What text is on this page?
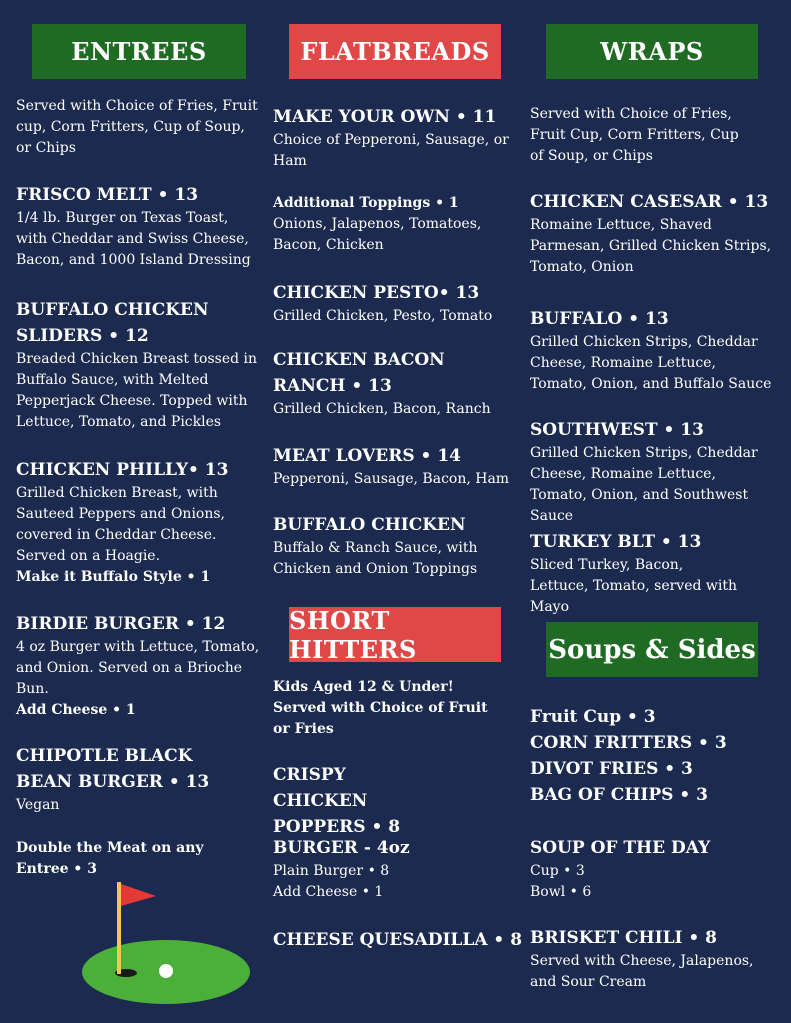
ENTREES
Served with Choice of Fries, Fruit cup, Corn Fritters, Cup of Soup, or Chips
FRISCO MELT • 13
1/4 lb. Burger on Texas Toast, with Cheddar and Swiss Cheese, Bacon, and 1000 Island Dressing
BUFFALO CHICKEN SLIDERS • 12
Breaded Chicken Breast tossed in Buffalo Sauce, with Melted Pepperjack Cheese. Topped with Lettuce, Tomato, and Pickles
CHICKEN PHILLY• 13
Grilled Chicken Breast, with Sauteed Peppers and Onions, covered in Cheddar Cheese. Served on a Hoagie.
Make it Buffalo Style • 1
BIRDIE BURGER • 12
4 oz Burger with Lettuce, Tomato, and Onion. Served on a Brioche Bun.
Add Cheese • 1
CHIPOTLE BLACK BEAN BURGER • 13
Vegan
Double the Meat on any Entree • 3
FLATBREADS
MAKE YOUR OWN • 11
Choice of Pepperoni, Sausage, or Ham
Additional Toppings • 1
Onions, Jalapenos, Tomatoes, Bacon, Chicken
CHICKEN PESTO• 13
Grilled Chicken, Pesto, Tomato
CHICKEN BACON RANCH • 13
Grilled Chicken, Bacon, Ranch
MEAT LOVERS • 14
Pepperoni, Sausage, Bacon, Ham
BUFFALO CHICKEN
Buffalo & Ranch Sauce, with Chicken and Onion Toppings
SHORT HITTERS
Kids Aged 12 & Under! Served with Choice of Fruit or Fries
CRISPY CHICKEN POPPERS • 8
BURGER - 4oz
Plain Burger • 8
Add Cheese • 1
CHEESE QUESADILLA • 8
WRAPS
Served with Choice of Fries, Fruit Cup, Corn Fritters, Cup of Soup, or Chips
CHICKEN CASESAR • 13
Romaine Lettuce, Shaved Parmesan, Grilled Chicken Strips, Tomato, Onion
BUFFALO • 13
Grilled Chicken Strips, Cheddar Cheese, Romaine Lettuce, Tomato, Onion, and Buffalo Sauce
SOUTHWEST • 13
Grilled Chicken Strips, Cheddar Cheese, Romaine Lettuce, Tomato, Onion, and Southwest Sauce
TURKEY BLT • 13
Sliced Turkey, Bacon, Lettuce, Tomato, served with Mayo
Soups & Sides
Fruit Cup • 3
CORN FRITTERS • 3
DIVOT FRIES • 3
BAG OF CHIPS • 3
SOUP OF THE DAY
Cup • 3
Bowl • 6
BRISKET CHILI • 8
Served with Cheese, Jalapenos, and Sour Cream
